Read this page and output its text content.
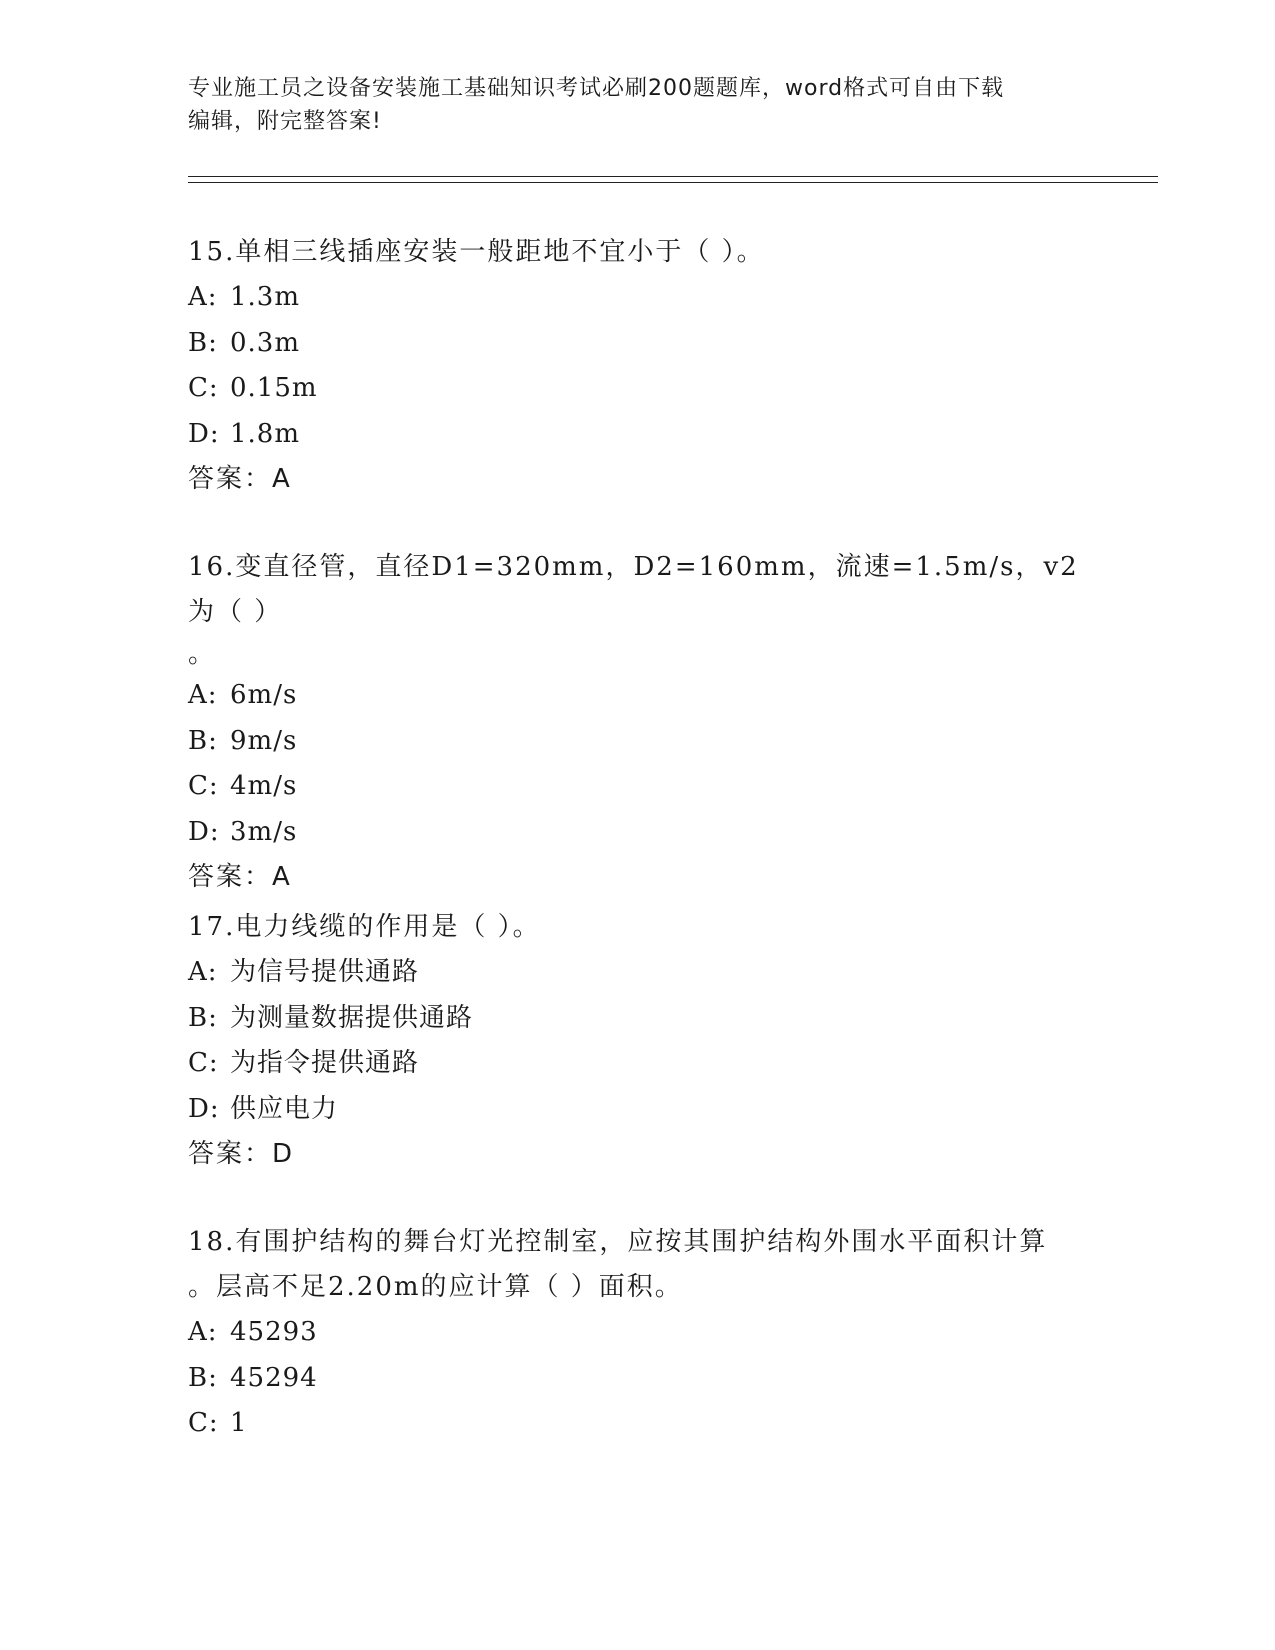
专业施工员之设备安装施工基础知识考试必刷200题题库，word格式可自由下载
编辑，附完整答案!

15.单相三线插座安装一般距地不宜小于（ ）。

A: 1.3m
B: 0.3m
C: 0.15m
D: 1.8m

答案：A

16.变直径管，直径D1=320mm，D2=160mm，流速=1.5m/s，v2为（ ）

。

A: 6m/s
B: 9m/s
C: 4m/s
D: 3m/s

答案：A

17.电力线缆的作用是（ ）。

A: 为信号提供通路
B: 为测量数据提供通路
C: 为指令提供通路
D: 供应电力

答案：D

18.有围护结构的舞台灯光控制室，应按其围护结构外围水平面积计算

。层高不足2.20m的应计算（ ）面积。

A: 45293
B: 45294
C: 1
